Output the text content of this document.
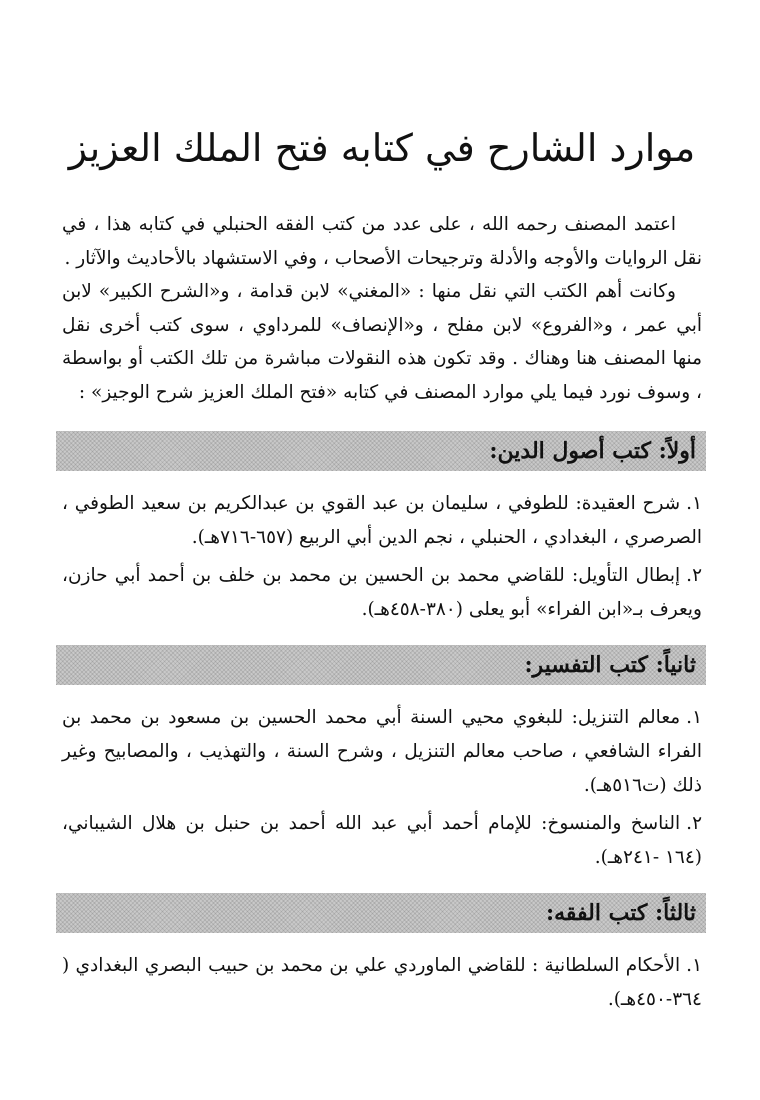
موارد الشارح في كتابه فتح الملك العزيز

اعتمد المصنف رحمه الله ، على عدد من كتب الفقه الحنبلي في كتابه هذا ، في نقل الروايات والأوجه والأدلة وترجيحات الأصحاب ، وفي الاستشهاد بالأحاديث والآثار .

وكانت أهم الكتب التي نقل منها : «المغني» لابن قدامة ، و«الشرح الكبير» لابن أبي عمر ، و«الفروع» لابن مفلح ، و«الإنصاف» للمرداوي ، سوى كتب أخرى نقل منها المصنف هنا وهناك . وقد تكون هذه النقولات مباشرة من تلك الكتب أو بواسطة ، وسوف نورد فيما يلي موارد المصنف في كتابه «فتح الملك العزيز شرح الوجيز» :

أولاً: كتب أصول الدين:
١.شرح العقيدة: للطوفي ، سليمان بن عبد القوي بن عبدالكريم بن سعيد الطوفي ، الصرصري ، البغدادي ، الحنبلي ، نجم الدين أبي الربيع (٦٥٧-٧١٦هـ).
٢.إبطال التأويل: للقاضي محمد بن الحسين بن محمد بن خلف بن أحمد أبي حازن، ويعرف بـ«ابن الفراء» أبو يعلى (٣٨٠-٤٥٨هـ).
ثانياً: كتب التفسير:
١.معالم التنزيل: للبغوي محيي السنة أبي محمد الحسين بن مسعود بن محمد بن الفراء الشافعي ، صاحب معالم التنزيل ، وشرح السنة ، والتهذيب ، والمصابيح وغير ذلك (ت٥١٦هـ).
٢.الناسخ والمنسوخ: للإمام أحمد أبي عبد الله أحمد بن حنبل بن هلال الشيباني، (١٦٤ -٢٤١هـ).
ثالثاً: كتب الفقه:
١.الأحكام السلطانية : للقاضي الماوردي علي بن محمد بن حبيب البصري البغدادي ( ٣٦٤-٤٥٠هـ).
